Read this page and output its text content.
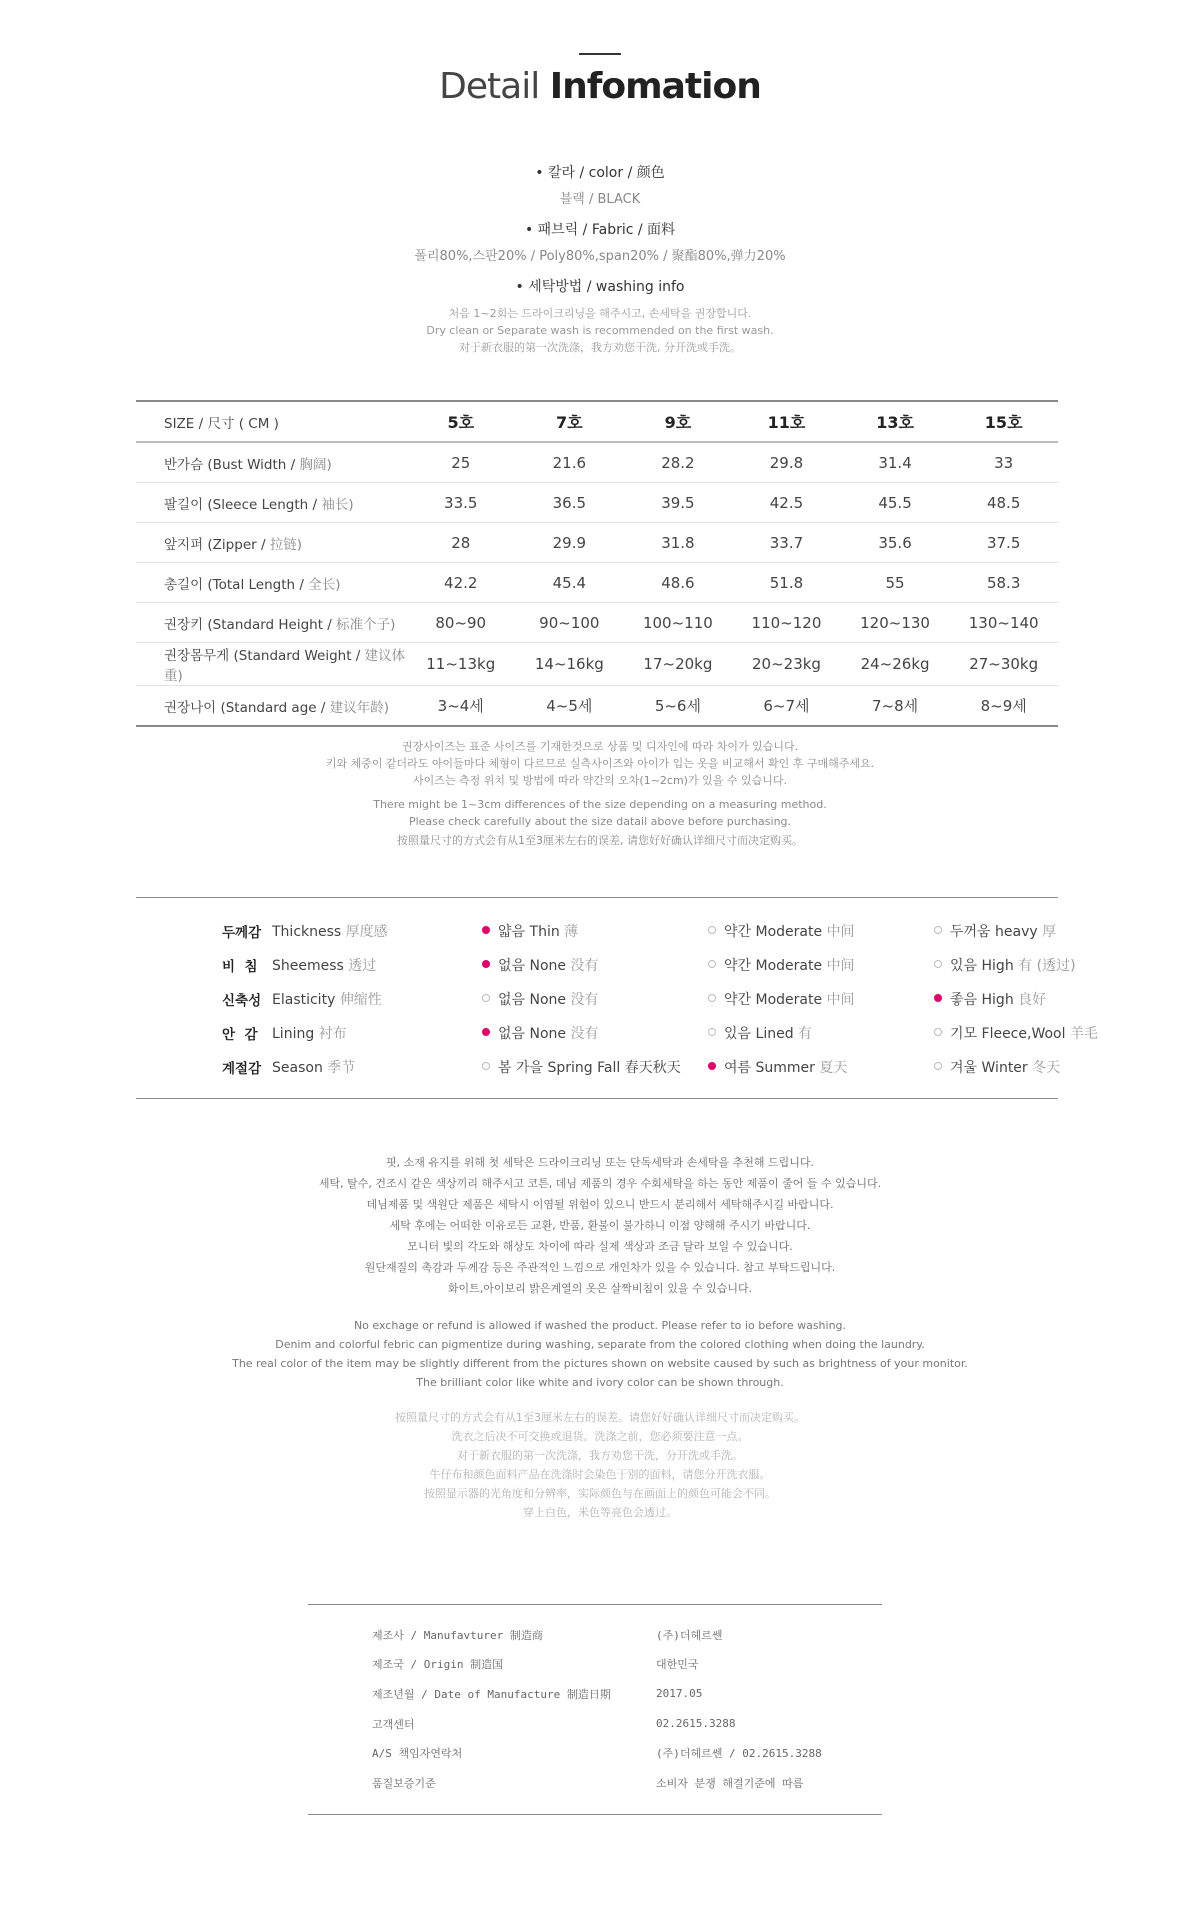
Detail Infomation
• 칼라 / color / 颜色
블랙 / BLACK
• 패브릭 / Fabric / 面料
폴리80%,스판20% / Poly80%,span20% / 聚酯80%,弹力20%
• 세탁방법 / washing info
처음 1~2회는 드라이크리닝을 해주시고, 손세탁을 권장합니다.
Dry clean or Separate wash is recommended on the first wash.
对于新衣服的第一次洗涤，我方劝您干洗, 分开洗或手洗。
SIZE / 尺寸 ( CM )	5호	7호	9호	11호	13호	15호
반가슴 (Bust Width / 胸阔)	25	21.6	28.2	29.8	31.4	33
팔길이 (Sleece Length / 袖长)	33.5	36.5	39.5	42.5	45.5	48.5
앞지퍼 (Zipper / 拉链)	28	29.9	31.8	33.7	35.6	37.5
총길이 (Total Length / 全长)	42.2	45.4	48.6	51.8	55	58.3
권장키 (Standard Height / 标准个子)	80~90	90~100	100~110	110~120	120~130	130~140
권장몸무게 (Standard Weight / 建议体重)	11~13kg	14~16kg	17~20kg	20~23kg	24~26kg	27~30kg
권장나이 (Standard age / 建议年龄)	3~4세	4~5세	5~6세	6~7세	7~8세	8~9세
권장사이즈는 표준 사이즈를 기재한것으로 상품 및 디자인에 따라 차이가 있습니다.
키와 체중이 같더라도 아이들마다 체형이 다르므로 실측사이즈와 아이가 입는 옷을 비교해서 확인 후 구매해주세요.
사이즈는 측정 위치 및 방법에 따라 약간의 오차(1~2cm)가 있을 수 있습니다.
There might be 1~3cm differences of the size depending on a measuring method.
Please check carefully about the size datail above before purchasing.
按照量尺寸的方式会有从1至3厘米左右的误差, 请您好好确认详细尺寸而决定购买。
두께감	Thickness 厚度感	얇음 Thin 薄	약간 Moderate 中间	두꺼움 heavy 厚
비  침	Sheemess 透过	없음 None 没有	약간 Moderate 中间	있음 High 有 (透过)
신축성	Elasticity 伸缩性	없음 None 没有	약간 Moderate 中间	좋음 High 良好
안  감	Lining 衬布	없음 None 没有	있음 Lined 有	기모 Fleece,Wool 羊毛
계절감	Season 季节	봄 가을 Spring Fall 春天秋天	여름 Summer 夏天	겨울 Winter 冬天
핏, 소재 유지를 위해 첫 세탁은 드라이크리닝 또는 단독세탁과 손세탁을 추천해 드립니다.
세탁, 탈수, 건조시 같은 색상끼리 해주시고 코튼, 데님 제품의 경우 수회세탁을 하는 동안 제품이 줄어 들 수 있습니다.
데님제품 및 색원단 제품은 세탁시 이염될 위험이 있으니 반드시 분리해서 세탁해주시길 바랍니다.
세탁 후에는 어떠한 이유로든 교환, 반품, 환불이 불가하니 이점 양해해 주시기 바랍니다.
모니터 빛의 각도와 해상도 차이에 따라 실제 색상과 조금 달라 보일 수 있습니다.
원단재질의 촉감과 두께감 등은 주관적인 느낌으로 개인차가 있을 수 있습니다. 참고 부탁드립니다.
화이트,아이보리 밝은계열의 옷은 살짝비침이 있을 수 있습니다.
No exchage or refund is allowed if washed the product. Please refer to io before washing.
Denim and colorful febric can pigmentize during washing, separate from the colored clothing when doing the laundry.
The real color of the item may be slightly different from the pictures shown on website caused by such as brightness of your monitor.
The brilliant color like white and ivory color can be shown through.
按照量尺寸的方式会有从1至3厘米左右的误差。请您好好确认详细尺寸而决定购买。
洗衣之后决不可交换或退货。洗涤之前，您必须要注意一点。
对于新衣服的第一次洗涤，我方劝您干洗，分开洗或手洗。
牛仔布和颜色面料产品在洗涤时会染色于别的面料，请您分开洗衣服。
按照显示器的光角度和分辨率，实际颜色与在画面上的颜色可能会不同。
穿上白色，米色等亮色会透过。
제조사 / Manufavturer 制造商	(주)더헤르쎈
제조국 / Origin 制造国	대한민국
제조년월 / Date of Manufacture 制造日期	2017.05
고객센터	02.2615.3288
A/S 책임자연락처	(주)더헤르쎈 / 02.2615.3288
품질보증기준	소비자 분쟁 해결기준에 따름
